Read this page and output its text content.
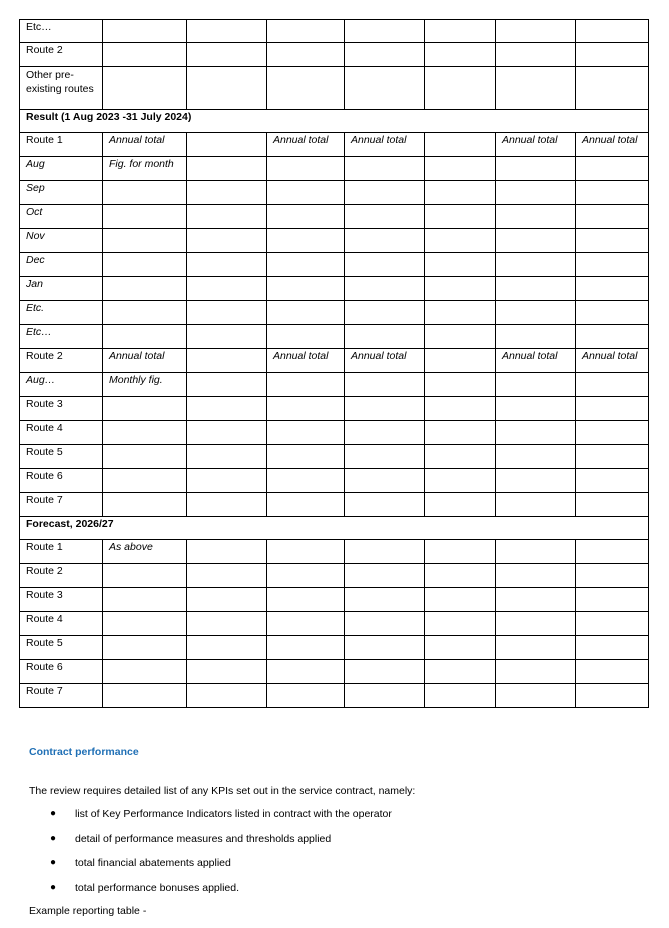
Etc…							
Route 2							
Other pre-existing routes							
Result (1 Aug 2023 -31 July 2024)							
Route 1	Annual total		Annual total	Annual total		Annual total	Annual total
Aug	Fig. for month						
Sep							
Oct							
Nov							
Dec							
Jan							
Etc.							
Etc…							
Route 2	Annual total		Annual total	Annual total		Annual total	Annual total
Aug…	Monthly fig.						
Route 3							
Route 4							
Route 5							
Route 6							
Route 7							
Forecast, 2026/27							
Route 1	As above						
Route 2							
Route 3							
Route 4							
Route 5							
Route 6							
Route 7							
Contract performance
The review requires detailed list of any KPIs set out in the service contract, namely:
● list of Key Performance Indicators listed in contract with the operator
● detail of performance measures and thresholds applied
● total financial abatements applied
● total performance bonuses applied.
Example reporting table -
